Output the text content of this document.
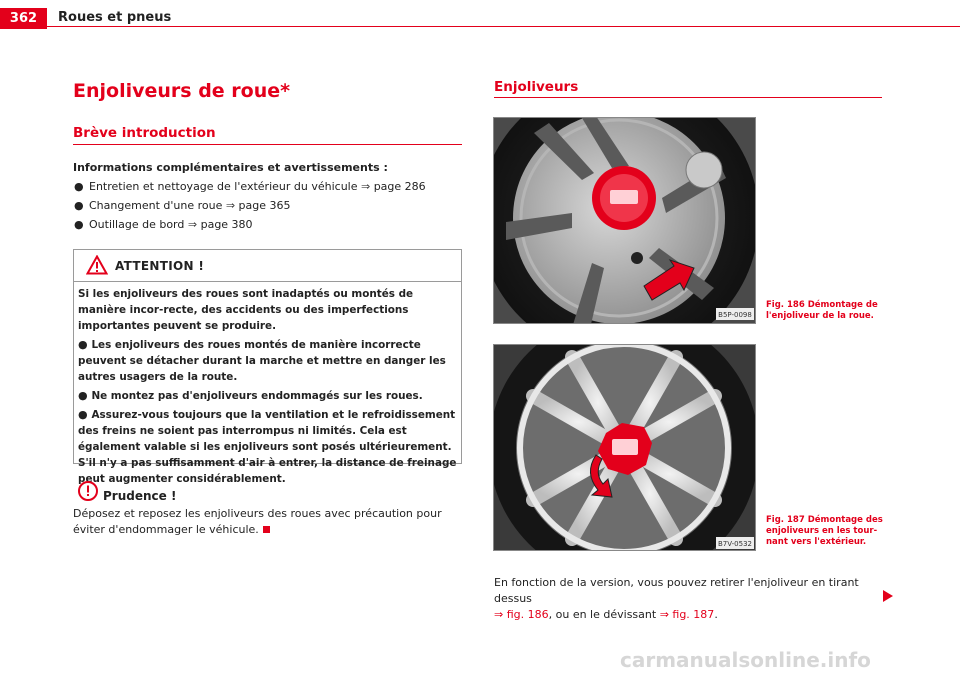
362	Roues et pneus
Enjoliveurs de roue*
Brève introduction
Informations complémentaires et avertissements :
● Entretien et nettoyage de l'extérieur du véhicule ⇒ page 286
● Changement d'une roue ⇒ page 365
● Outillage de bord ⇒ page 380
ATTENTION !

Si les enjoliveurs des roues sont inadaptés ou montés de manière incor-recte, des accidents ou des imperfections importantes peuvent se produire.

● Les enjoliveurs des roues montés de manière incorrecte peuvent se détacher durant la marche et mettre en danger les autres usagers de la route.

● Ne montez pas d'enjoliveurs endommagés sur les roues.

● Assurez-vous toujours que la ventilation et le refroidissement des freins ne soient pas interrompus ni limités. Cela est également valable si les enjoliveurs sont posés ultérieurement. S'il n'y a pas suffisamment d'air à entrer, la distance de freinage peut augmenter considérablement.

Prudence !
Déposez et reposez les enjoliveurs des roues avec précaution pour éviter d'endommager le véhicule.
Enjoliveurs
B5P-0098
Fig. 186 Démontage de l'enjoliveur de la roue.
B7V-0532
Fig. 187 Démontage des enjoliveurs en les tour-nant vers l'extérieur.
En fonction de la version, vous pouvez retirer l'enjoliveur en tirant dessus
⇒ fig. 186, ou en le dévissant ⇒ fig. 187.
carmanualsonline.info
